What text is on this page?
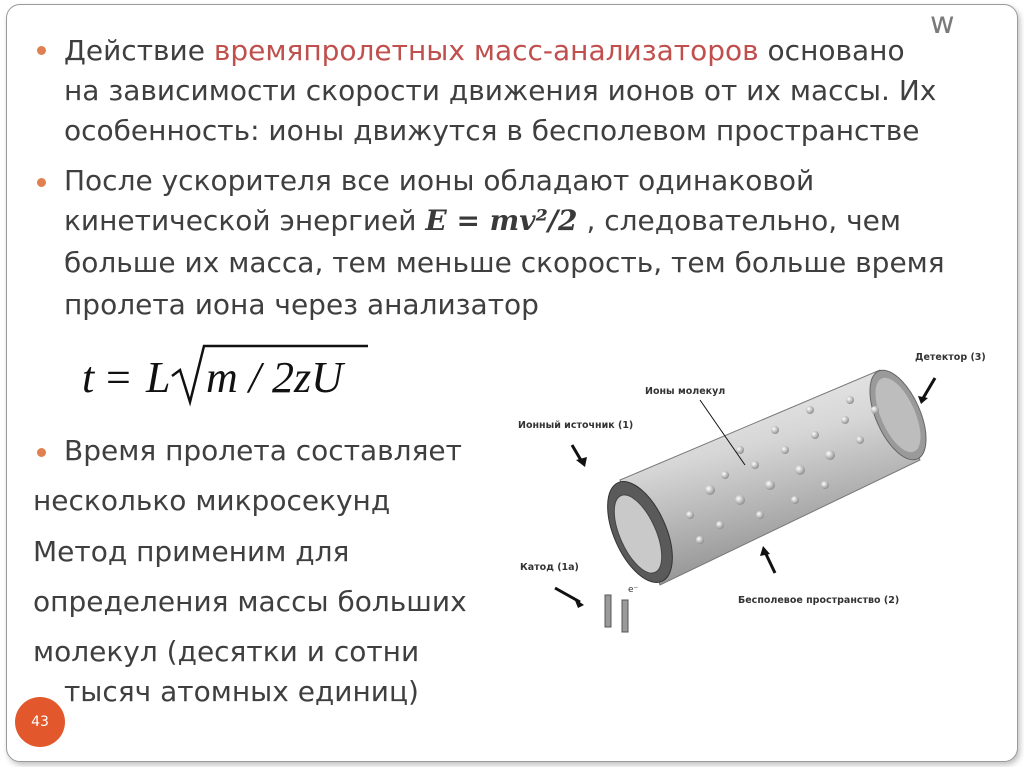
w
Действие времяпролетных масс-анализаторов основано
на зависимости скорости движения ионов от их массы. Их
особенность: ионы движутся в бесполевом пространстве
После ускорителя все ионы обладают одинаковой
кинетической энергией E = mv²/2 , следовательно, чем
больше их масса, тем меньше скорость, тем больше время
пролета иона через анализатор
t = L m / 2zU
Время пролета составляет
несколько микросекунд
Метод применим для
определения массы больших
молекул (десятки и сотни
тысяч атомных единиц)
e⁻
Детектор (3)
Ионы молекул
Ионный источник (1)
Катод (1а)
Бесполевое пространство (2)
43
